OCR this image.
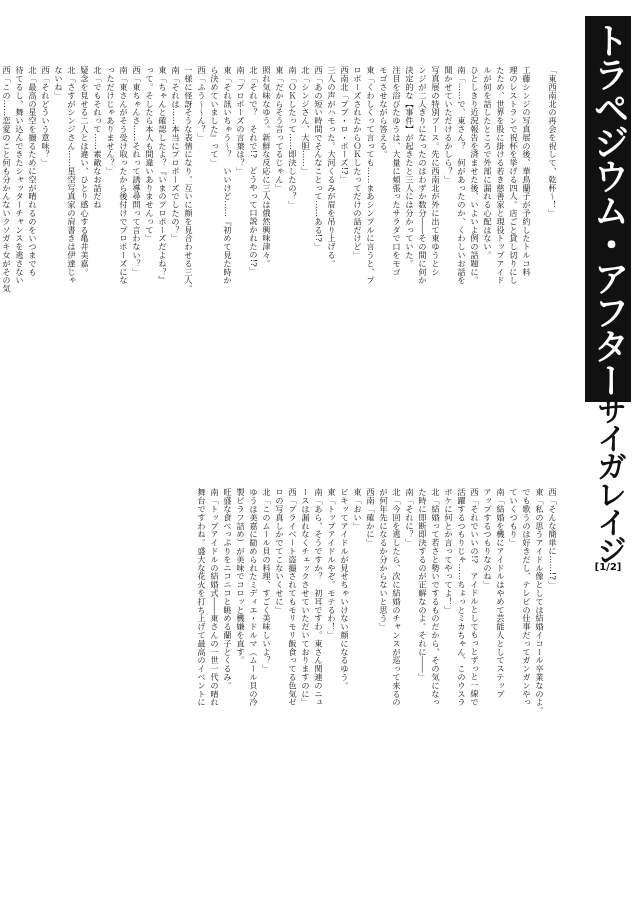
トラペジウム・アフター
サイガレイジ
[1/2]

「東西南北の再会を祝して、乾杯～！」

工藤シンジの写真展の後、華鳥蘭子が予約したトルコ料

理のレストランで祝杯を挙げる四人。店ごと貸し切りにし

たため、世界を股に掛ける若き慈善家と現役トップアイド

ルが何を話したところで外部に漏れる心配はない。

ひとしきり近況報告を済ませた後、いよいよ例の話題に。

南「……で、東さん？　何があったのか、くわしいお話を

聞かせていただけるかしら？」

写真展の特別ブース。先に西南北が外に出て東ゆうとシ

ンジが二人きりになったのはわずか数分――その間に何か

決定的な【事件】が起きたと三人には分かっていた。

注目を浴びたゆうは、大量に頬張ったサラダで口をモゴ

モゴさせながら答える。

東「くわしくって言っても……まあシンプルに言うと、プ

ロポーズされたからＯＫしたってだけの話だけど」

西南北「ププ・ロ・ポーズ!?」

三人の声がハモった。大河くるみが眉を吊り上げる。

西「あの短い時間でそんなことって……ある!?」

北「シンジさん、大胆……」

南「ＯＫしたって……即決したの？」

東「だからそう言ってるじゃん」

照れ気味なゆう。新鮮な反応に三人は俄然興味津々。

北「それで？　それで!?　どうやって口説かれたの!?」

南「プロポーズの言葉は？」

東「それ訊いちゃう～？　いいけど……『初めて見た時か

ら決めていました』って」

西「ふう～～ん？」

一様に怪訝そうな表情になり、互いに顔を見合わせる三人。

南「それは……本当にプロポーズでしたの？」

東「ちゃんと確認したよ？『いまのプロポーズだよね？』

って。そしたら本人も間違いありませんって」

西「東ちゃんさ……それって誘導尋問って言わない？」

南「東さんがそう受け取ったから後付けでプロポーズにな

っただけじゃありません？」

北「でもそれって……素敵なお話だね

疑念を見せる二人とは違い、ひとり感心する亀井美嘉。

北「さすがシンジさん……星空写真家の肩書きは伊達じゃ

ないね」

西「それどういう意味？」

北「最高の星空を撮るために空が晴れるのをいつまでも

待てるし、舞い込んできたシャッターチャンスを逃さない

西「この……恋愛のこと何も分かんないクソガキ女がその気

西「そんな簡単に……!?」

東「私の思うアイドル像としては結婚イコール卒業なのよ。

でも歌うのは好きだし、テレビの仕事だってガンガンやっ

ていくつもり」

南「結婚を機にアイドルはやめて芸能人としてステップ

アップするつもりなのね」

西「それでいいの!?　アイドルとしてもっとずっと一線で

活躍するつもりじゃ……ちょっとミカちゃん、このウスラ

ボケに何とか言ってやってよ！」

北「結婚って若さと勢いでするものだから、その気になっ

た時に即断即決するのが正解なのよ。それに――」

南「それに？」

北「今回を逃したら、次に結婚のチャンスが巡って来るの

が何年先になるか分からないと思う」

西南「確かに」

東「おい」

ビキッてアイドルが見せちゃいけない顔になるゆう。

東「トップアイドルやぞ。モテるわ！」

南「あら、そうですか？　初耳ですわ。東さん関連のニュ

ースは漏れなくチェックさせていただいておりますのに」

西「プライベート盗撮されてもモリモリ飯食ってる色気ゼ

ロの写真しかでてこないくせに」

北「このムール貝の料理、すごく美味しいよ？」

ゆうは美嘉に勧められたミディエ・ドルマ（ムール貝の冷

製ピラフ詰め）が美味でコロッと機嫌を直す。

旺盛な食べっぷりをニコニコと眺める蘭子とくるみ。

南「トップアイドルの結婚式――東さんの一世一代の晴れ

舞台ですわね。盛大な花火を打ち上げて最高のイベントに
